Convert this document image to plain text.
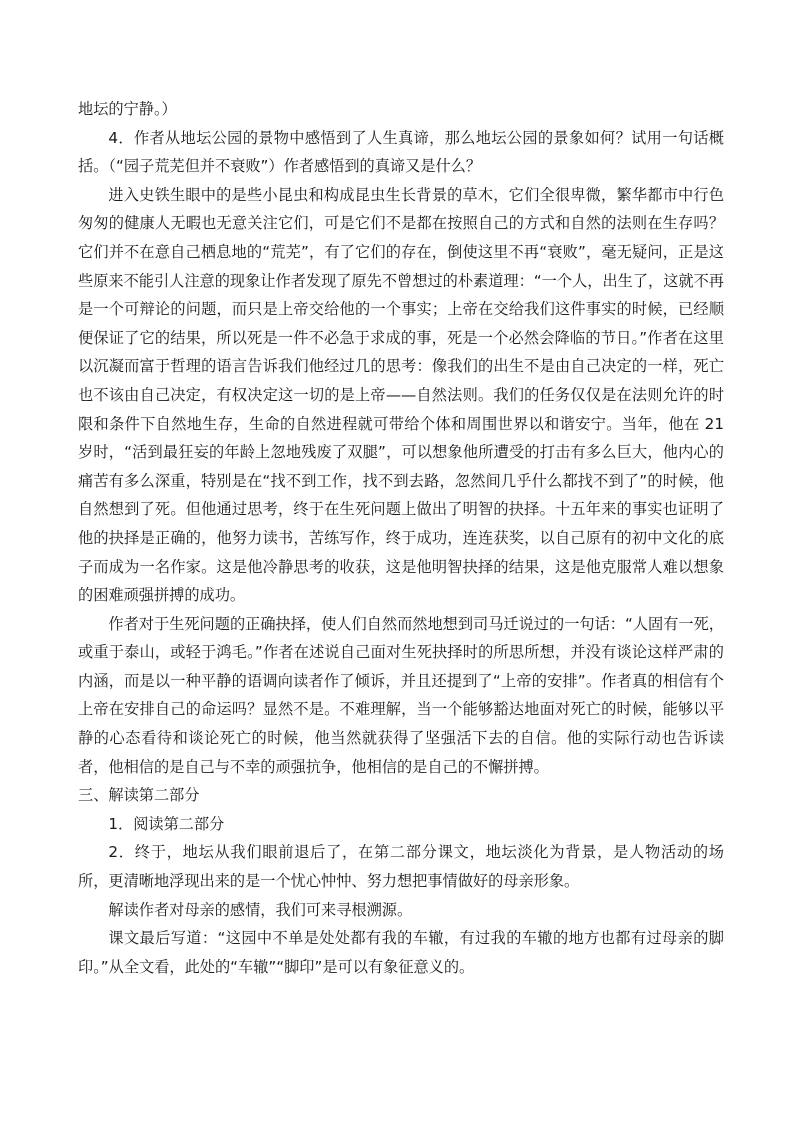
地坛的宁静。）

4．作者从地坛公园的景物中感悟到了人生真谛，那么地坛公园的景象如何？试用一句话概括。（“园子荒芜但并不衰败”）作者感悟到的真谛又是什么？

进入史铁生眼中的是些小昆虫和构成昆虫生长背景的草木，它们全很卑微，繁华都市中行色匆匆的健康人无暇也无意关注它们，可是它们不是都在按照自己的方式和自然的法则在生存吗？它们并不在意自己栖息地的“荒芜”，有了它们的存在，倒使这里不再“衰败”，毫无疑问，正是这些原来不能引人注意的现象让作者发现了原先不曾想过的朴素道理：“一个人，出生了，这就不再是一个可辩论的问题，而只是上帝交给他的一个事实；上帝在交给我们这件事实的时候，已经顺便保证了它的结果，所以死是一件不必急于求成的事，死是一个必然会降临的节日。”作者在这里以沉凝而富于哲理的语言告诉我们他经过几的思考：像我们的出生不是由自己决定的一样，死亡也不该由自己决定，有权决定这一切的是上帝——自然法则。我们的任务仅仅是在法则允许的时限和条件下自然地生存，生命的自然进程就可带给个体和周围世界以和谐安宁。当年，他在 21 岁时，“活到最狂妄的年龄上忽地残废了双腿”，可以想象他所遭受的打击有多么巨大，他内心的痛苦有多么深重，特别是在“找不到工作，找不到去路，忽然间几乎什么都找不到了”的时候，他自然想到了死。但他通过思考，终于在生死问题上做出了明智的抉择。十五年来的事实也证明了他的抉择是正确的，他努力读书，苦练写作，终于成功，连连获奖，以自己原有的初中文化的底子而成为一名作家。这是他冷静思考的收获，这是他明智抉择的结果，这是他克服常人难以想象的困难顽强拼搏的成功。

作者对于生死问题的正确抉择，使人们自然而然地想到司马迁说过的一句话：“人固有一死，或重于泰山，或轻于鸿毛。”作者在述说自己面对生死抉择时的所思所想，并没有谈论这样严肃的内涵，而是以一种平静的语调向读者作了倾诉，并且还提到了“上帝的安排”。作者真的相信有个上帝在安排自己的命运吗？显然不是。不难理解，当一个能够豁达地面对死亡的时候，能够以平静的心态看待和谈论死亡的时候，他当然就获得了坚强活下去的自信。他的实际行动也告诉读者，他相信的是自己与不幸的顽强抗争，他相信的是自己的不懈拼搏。

三、解读第二部分

1．阅读第二部分

2．终于，地坛从我们眼前退后了，在第二部分课文，地坛淡化为背景，是人物活动的场所，更清晰地浮现出来的是一个忧心忡忡、努力想把事情做好的母亲形象。

解读作者对母亲的感情，我们可来寻根溯源。

课文最后写道：“这园中不单是处处都有我的车辙，有过我的车辙的地方也都有过母亲的脚印。”从全文看，此处的“车辙”“脚印”是可以有象征意义的。
